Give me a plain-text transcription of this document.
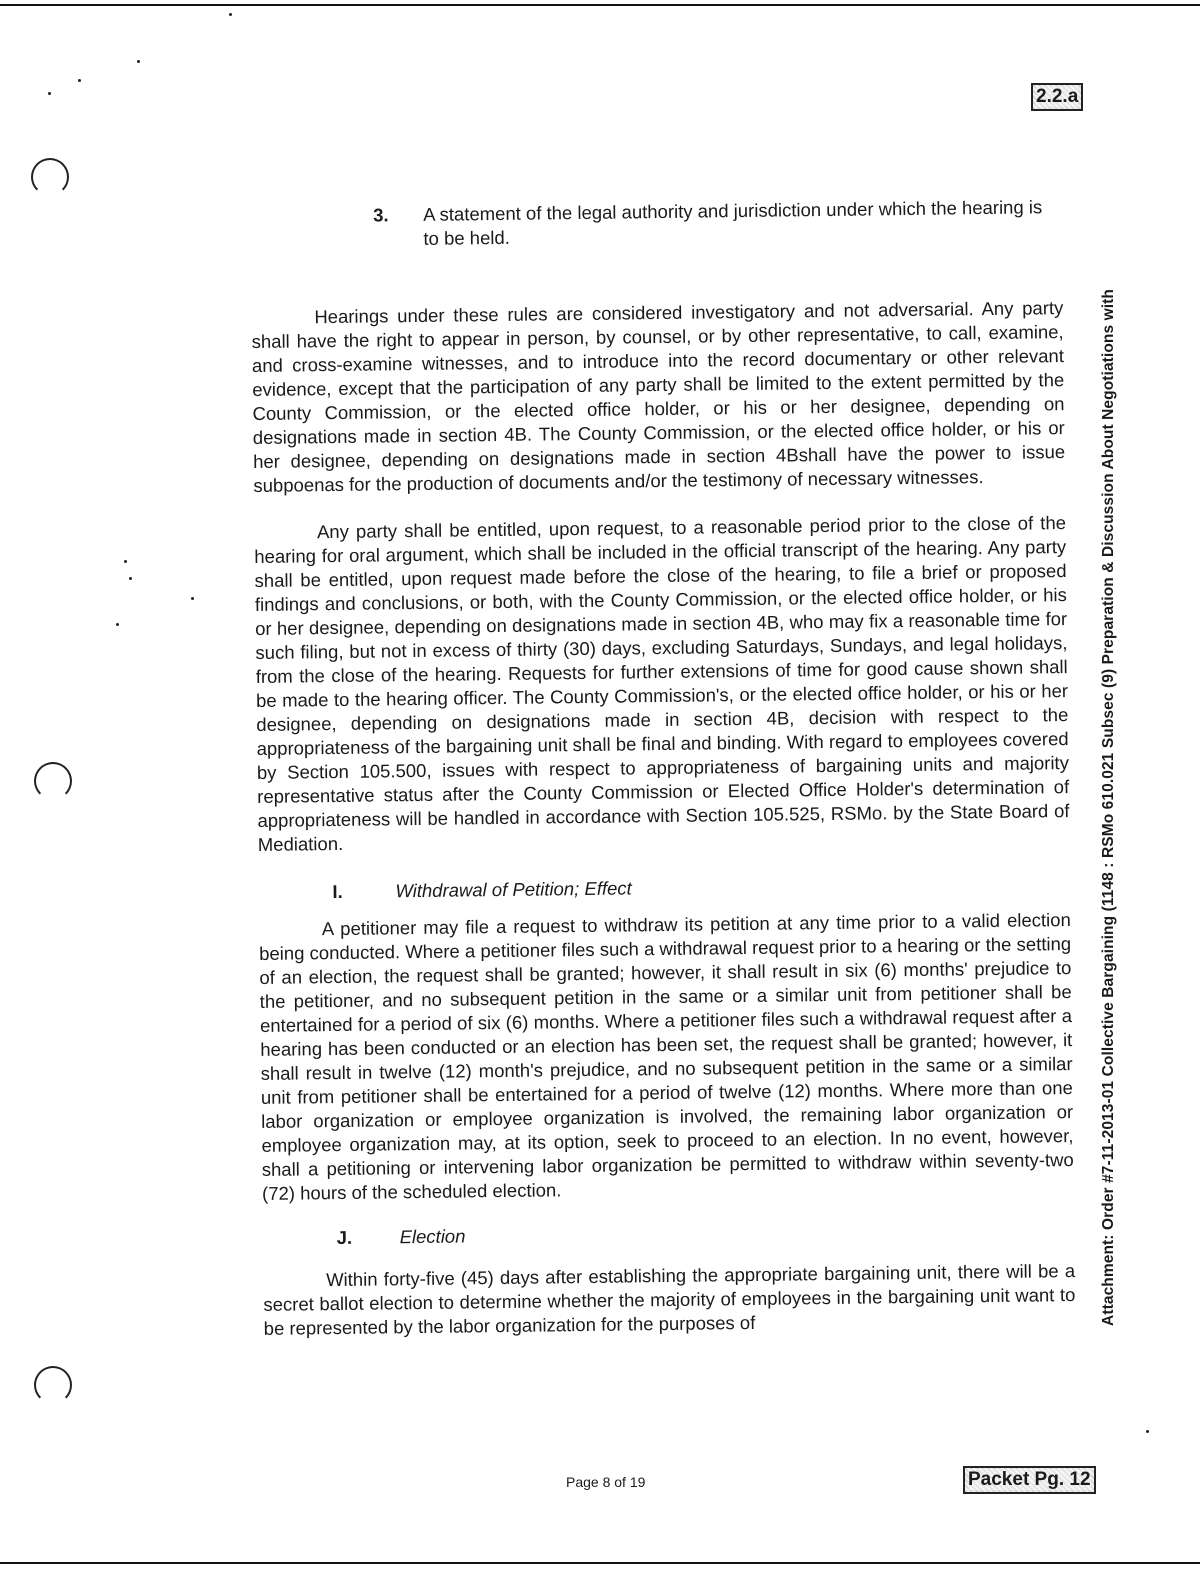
2.2.a
Attachment: Order #7-11-2013-01 Collective Bargaining (1148 : RSMo 610.021 Subsec (9) Preparation & Discussion About Negotiations with
3. A statement of the legal authority and jurisdiction under which the hearing is to be held.

Hearings under these rules are considered investigatory and not adversarial. Any party shall have the right to appear in person, by counsel, or by other representative, to call, examine, and cross-examine witnesses, and to introduce into the record documentary or other relevant evidence, except that the participation of any party shall be limited to the extent permitted by the County Commission, or the elected office holder, or his or her designee, depending on designations made in section 4B. The County Commission, or the elected office holder, or his or her designee, depending on designations made in section 4Bshall have the power to issue subpoenas for the production of documents and/or the testimony of necessary witnesses.

Any party shall be entitled, upon request, to a reasonable period prior to the close of the hearing for oral argument, which shall be included in the official transcript of the hearing. Any party shall be entitled, upon request made before the close of the hearing, to file a brief or proposed findings and conclusions, or both, with the County Commission, or the elected office holder, or his or her designee, depending on designations made in section 4B, who may fix a reasonable time for such filing, but not in excess of thirty (30) days, excluding Saturdays, Sundays, and legal holidays, from the close of the hearing. Requests for further extensions of time for good cause shown shall be made to the hearing officer. The County Commission's, or the elected office holder, or his or her designee, depending on designations made in section 4B, decision with respect to the appropriateness of the bargaining unit shall be final and binding. With regard to employees covered by Section 105.500, issues with respect to appropriateness of bargaining units and majority representative status after the County Commission or Elected Office Holder's determination of appropriateness will be handled in accordance with Section 105.525, RSMo. by the State Board of Mediation.

I.	Withdrawal of Petition; Effect

A petitioner may file a request to withdraw its petition at any time prior to a valid election being conducted. Where a petitioner files such a withdrawal request prior to a hearing or the setting of an election, the request shall be granted; however, it shall result in six (6) months' prejudice to the petitioner, and no subsequent petition in the same or a similar unit from petitioner shall be entertained for a period of six (6) months. Where a petitioner files such a withdrawal request after a hearing has been conducted or an election has been set, the request shall be granted; however, it shall result in twelve (12) month's prejudice, and no subsequent petition in the same or a similar unit from petitioner shall be entertained for a period of twelve (12) months. Where more than one labor organization or employee organization is involved, the remaining labor organization or employee organization may, at its option, seek to proceed to an election. In no event, however, shall a petitioning or intervening labor organization be permitted to withdraw within seventy-two (72) hours of the scheduled election.

J.	Election

Within forty-five (45) days after establishing the appropriate bargaining unit, there will be a secret ballot election to determine whether the majority of employees in the bargaining unit want to be represented by the labor organization for the purposes of

Page 8 of 19	Packet Pg. 12
